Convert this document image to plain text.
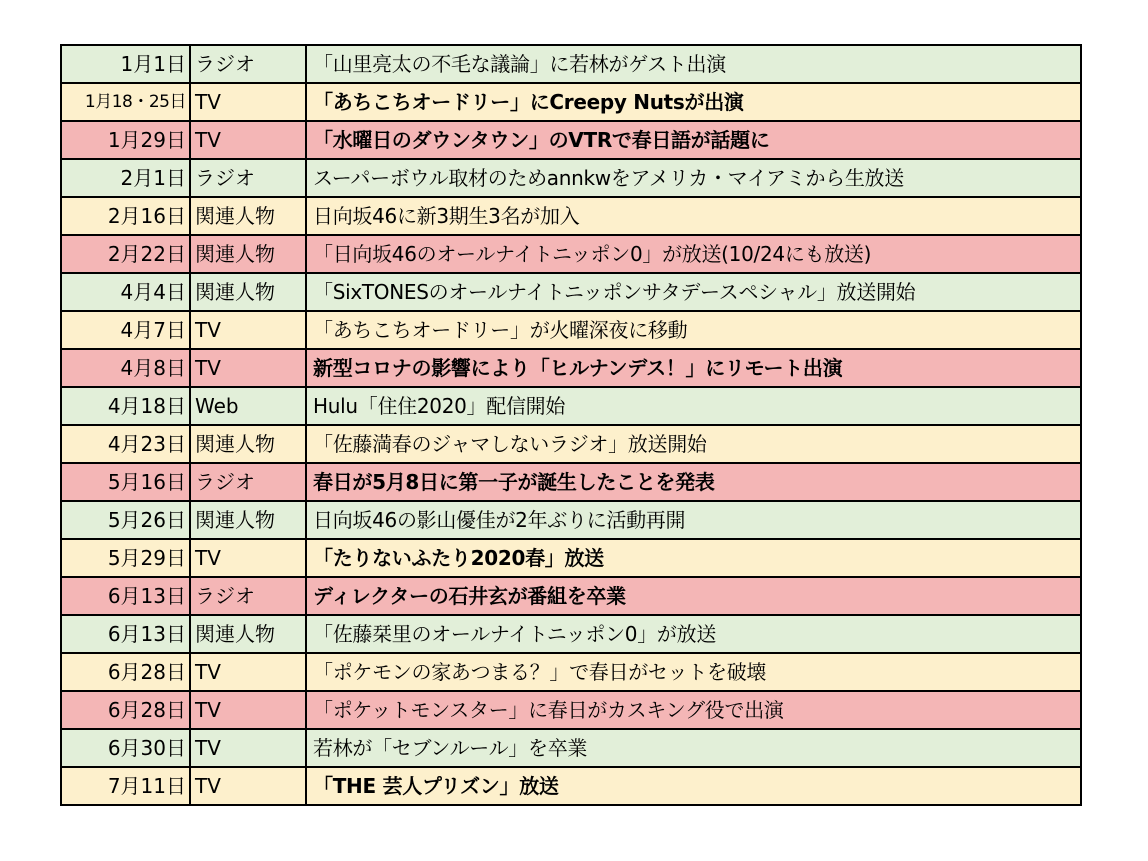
1月1日	ラジオ	「山里亮太の不毛な議論」に若林がゲスト出演
1月18・25日	TV	「あちこちオードリー」にCreepy Nutsが出演
1月29日	TV	「水曜日のダウンタウン」のVTRで春日語が話題に
2月1日	ラジオ	スーパーボウル取材のためannkwをアメリカ・マイアミから生放送
2月16日	関連人物	日向坂46に新3期生3名が加入
2月22日	関連人物	「日向坂46のオールナイトニッポン0」が放送(10/24にも放送)
4月4日	関連人物	「SixTONESのオールナイトニッポンサタデースペシャル」放送開始
4月7日	TV	「あちこちオードリー」が火曜深夜に移動
4月8日	TV	新型コロナの影響により「ヒルナンデス！」にリモート出演
4月18日	Web	Hulu「住住2020」配信開始
4月23日	関連人物	「佐藤満春のジャマしないラジオ」放送開始
5月16日	ラジオ	春日が5月8日に第一子が誕生したことを発表
5月26日	関連人物	日向坂46の影山優佳が2年ぶりに活動再開
5月29日	TV	「たりないふたり2020春」放送
6月13日	ラジオ	ディレクターの石井玄が番組を卒業
6月13日	関連人物	「佐藤栞里のオールナイトニッポン0」が放送
6月28日	TV	「ポケモンの家あつまる？」で春日がセットを破壊
6月28日	TV	「ポケットモンスター」に春日がカスキング役で出演
6月30日	TV	若林が「セブンルール」を卒業
7月11日	TV	「THE 芸人プリズン」放送
